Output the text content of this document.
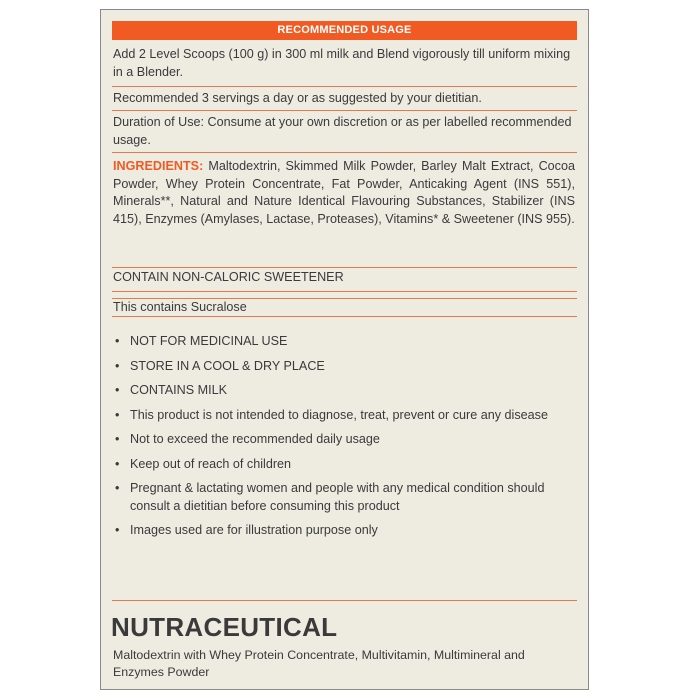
RECOMMENDED USAGE
Add 2 Level Scoops (100 g) in 300 ml milk and Blend vigorously till uniform mixing in a Blender.
Recommended 3 servings a day or as suggested by your dietitian.
Duration of Use: Consume at your own discretion or as per labelled recommended usage.
INGREDIENTS: Maltodextrin, Skimmed Milk Powder, Barley Malt Extract, Cocoa Powder, Whey Protein Concentrate, Fat Powder, Anticaking Agent (INS 551), Minerals**, Natural and Nature Identical Flavouring Substances, Stabilizer (INS 415), Enzymes (Amylases, Lactase, Proteases), Vitamins* & Sweetener (INS 955).
CONTAIN NON-CALORIC SWEETENER
This contains Sucralose
• NOT FOR MEDICINAL USE
• STORE IN A COOL & DRY PLACE
• CONTAINS MILK
• This product is not intended to diagnose, treat, prevent or cure any disease
• Not to exceed the recommended daily usage
• Keep out of reach of children
• Pregnant & lactating women and people with any medical condition should consult a dietitian before consuming this product
• Images used are for illustration purpose only
NUTRACEUTICAL
Maltodextrin with Whey Protein Concentrate, Multivitamin, Multimineral and Enzymes Powder
